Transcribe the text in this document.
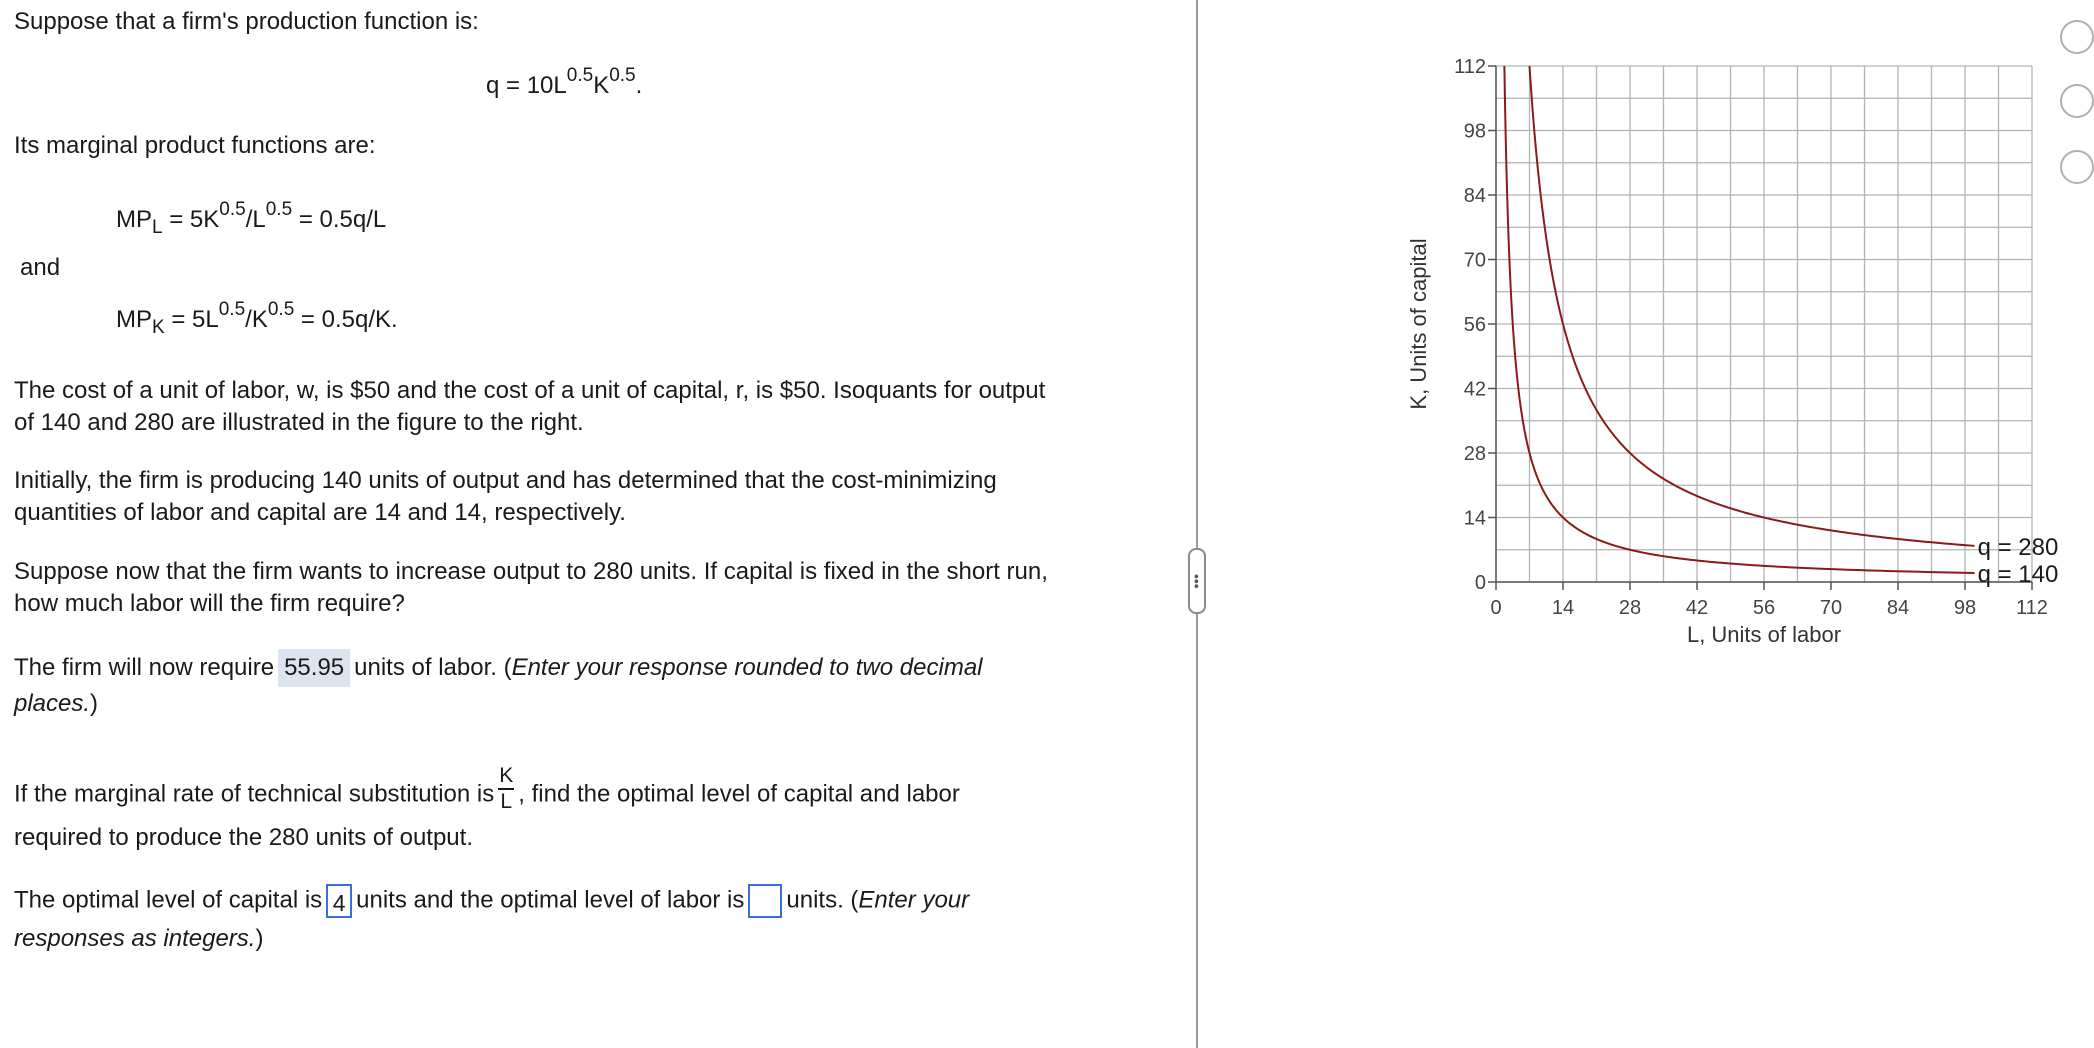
Suppose that a firm's production function is:
$q = 10L^{0.5}K^{0.5}$.
Its marginal product functions are:
$MP_L = 5K^{0.5}/L^{0.5} = 0.5q/L$
and
$MP_K = 5L^{0.5}/K^{0.5} = 0.5q/K$.
The cost of a unit of labor, w, is $50 and the cost of a unit of capital, r, is $50. Isoquants for output
of 140 and 280 are illustrated in the figure to the right.
Initially, the firm is producing 140 units of output and has determined that the cost-minimizing
quantities of labor and capital are 14 and 14, respectively.
Suppose now that the firm wants to increase output to 280 units. If capital is fixed in the short run,
how much labor will the firm require?
The firm will now require 55.95 units of labor. (Enter your response rounded to two decimal
places.)
If the marginal rate of technical substitution is $\frac{K}{L}$ , find the optimal level of capital and labor
required to produce the 280 units of output.
The optimal level of capital is 4 units and the optimal level of labor is units. (Enter your
responses as integers.)
•••
0	14 28 42 56 70 84 98 112
0
14
28
42
56
70
84
98
112
L, Units of labor
K, Units of capital
q = 280
q = 140
